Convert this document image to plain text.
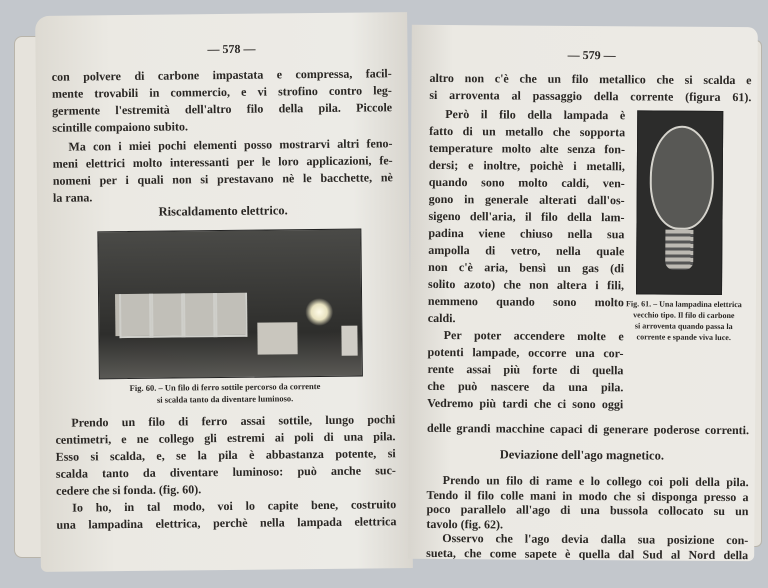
— 578 —
con polvere di carbone impastata e compressa, facil-
mente trovabili in commercio, e vi strofino contro leg-
germente l'estremità dell'altro filo della pila. Piccole
scintille compaiono subito.
Ma con i miei pochi elementi posso mostrarvi altri feno-
meni elettrici molto interessanti per le loro applicazioni, fe-
nomeni per i quali non si prestavano nè le bacchette, nè
la rana.
Riscaldamento elettrico.
Fig. 60. – Un filo di ferro sottile percorso da corrente
si scalda tanto da diventare luminoso.
Prendo un filo di ferro assai sottile, lungo pochi
centimetri, e ne collego gli estremi ai poli di una pila.
Esso si scalda, e, se la pila è abbastanza potente, si
scalda tanto da diventare luminoso: può anche suc-
cedere che si fonda. (fig. 60).
Io ho, in tal modo, voi lo capite bene, costruito
una lampadina elettrica, perchè nella lampada elettrica
— 579 —
altro non c'è che un filo metallico che si scalda e
si arroventa al passaggio della corrente (figura 61).
Però il filo della lampada è
fatto di un metallo che sopporta
temperature molto alte senza fon-
dersi; e inoltre, poichè i metalli,
quando sono molto caldi, ven-
gono in generale alterati dall'os-
sigeno dell'aria, il filo della lam-
padina viene chiuso nella sua
ampolla di vetro, nella quale
non c'è aria, bensì un gas (di
solito azoto) che non altera i fili,
nemmeno quando sono molto
caldi.
Per poter accendere molte e
potenti lampade, occorre una cor-
rente assai più forte di quella
che può nascere da una pila.
Vedremo più tardi che ci sono oggi
Fig. 61. – Una lampadina elettrica
vecchio tipo. Il filo di carbone
si arroventa quando passa la
corrente e spande viva luce.
delle grandi macchine capaci di generare poderose correnti.
Deviazione dell'ago magnetico.
Prendo un filo di rame e lo collego coi poli della pila.
Tendo il filo colle mani in modo che si disponga presso a
poco parallelo all'ago di una bussola collocato su un
tavolo (fig. 62).
Osservo che l'ago devia dalla sua posizione con-
sueta, che come sapete è quella dal Sud al Nord della
